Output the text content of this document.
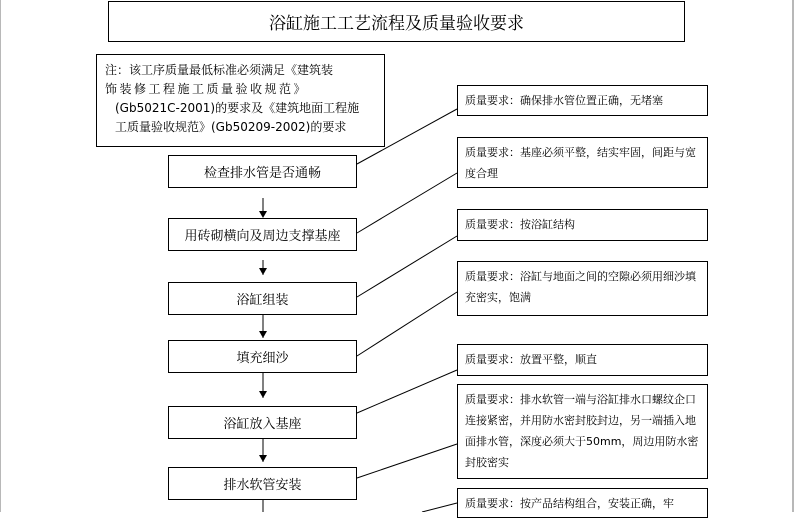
浴缸施工工艺流程及质量验收要求
注：该工序质量最低标准必须满足《建筑装
饰装修工程施工质量验收规范》
(Gb5021C-2001)的要求及《建筑地面工程施
工质量验收规范》(Gb50209-2002)的要求
检查排水管是否通畅
用砖砌横向及周边支撑基座
浴缸组装
填充细沙
浴缸放入基座
排水软管安装
质量要求：确保排水管位置正确，无堵塞
质量要求：基座必须平整，结实牢固，间距与宽度合理
质量要求：按浴缸结构
质量要求：浴缸与地面之间的空隙必须用细沙填充密实，饱满
质量要求：放置平整，顺直
质量要求：排水软管一端与浴缸排水口螺纹企口连接紧密，并用防水密封胶封边，另一端插入地面排水管，深度必须大于50mm，周边用防水密封胶密实
质量要求：按产品结构组合，安装正确，牢
